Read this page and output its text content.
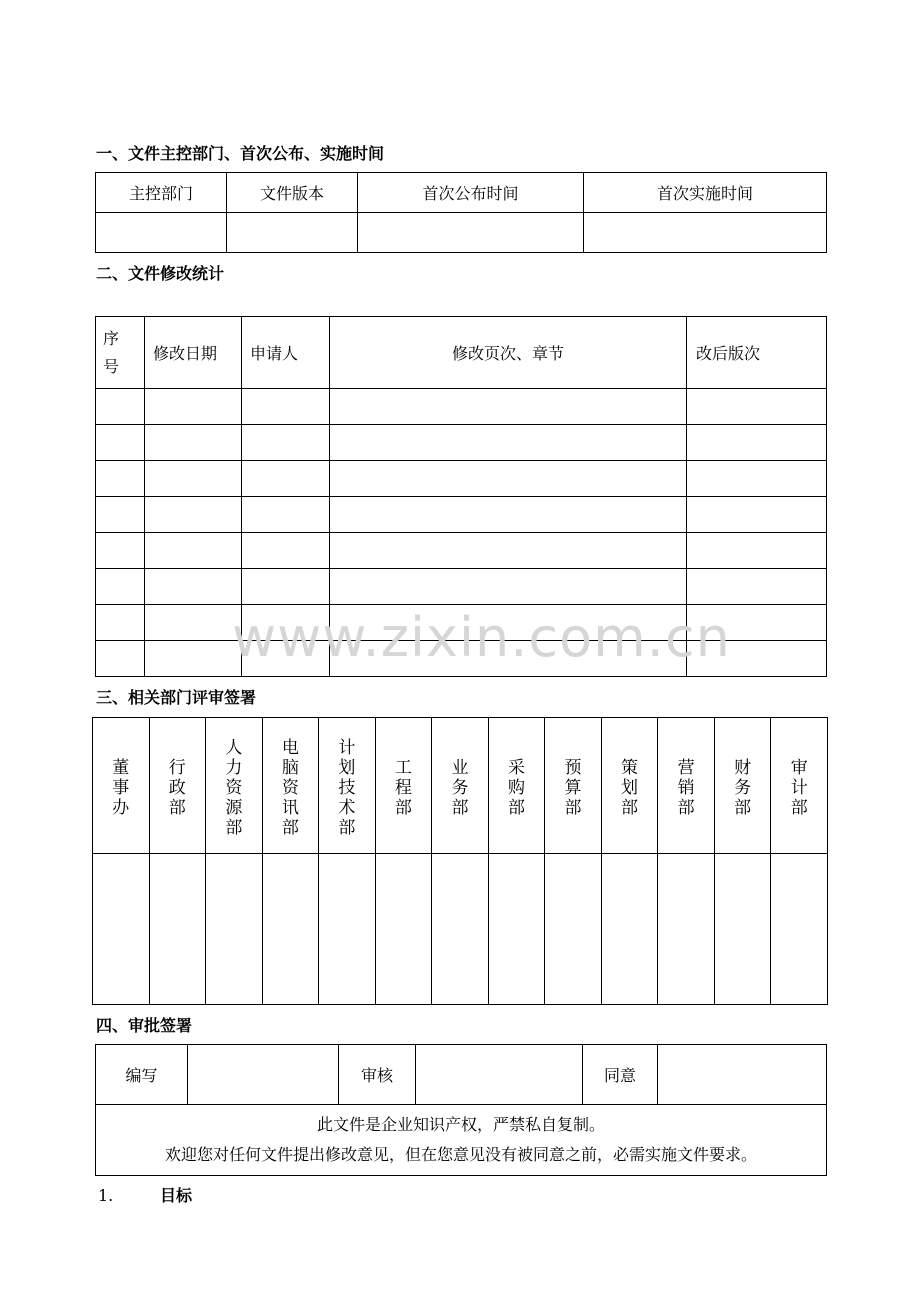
一、文件主控部门、首次公布、实施时间
主控部门	文件版本	首次公布时间	首次实施时间

二、文件修改统计
序号	修改日期	申请人	修改页次、章节	改后版次

www.zixin.com.cn
三、相关部门评审签署
董事办	行政部	人力资源部	电脑资讯部	计划技术部	工程部	业务部	采购部	预算部	策划部	营销部	财务部	审计部

四、审批签署
编写		审核		同意	

此文件是企业知识产权，严禁私自复制。
欢迎您对任何文件提出修改意见，但在您意见没有被同意之前，必需实施文件要求。
1.	目标
